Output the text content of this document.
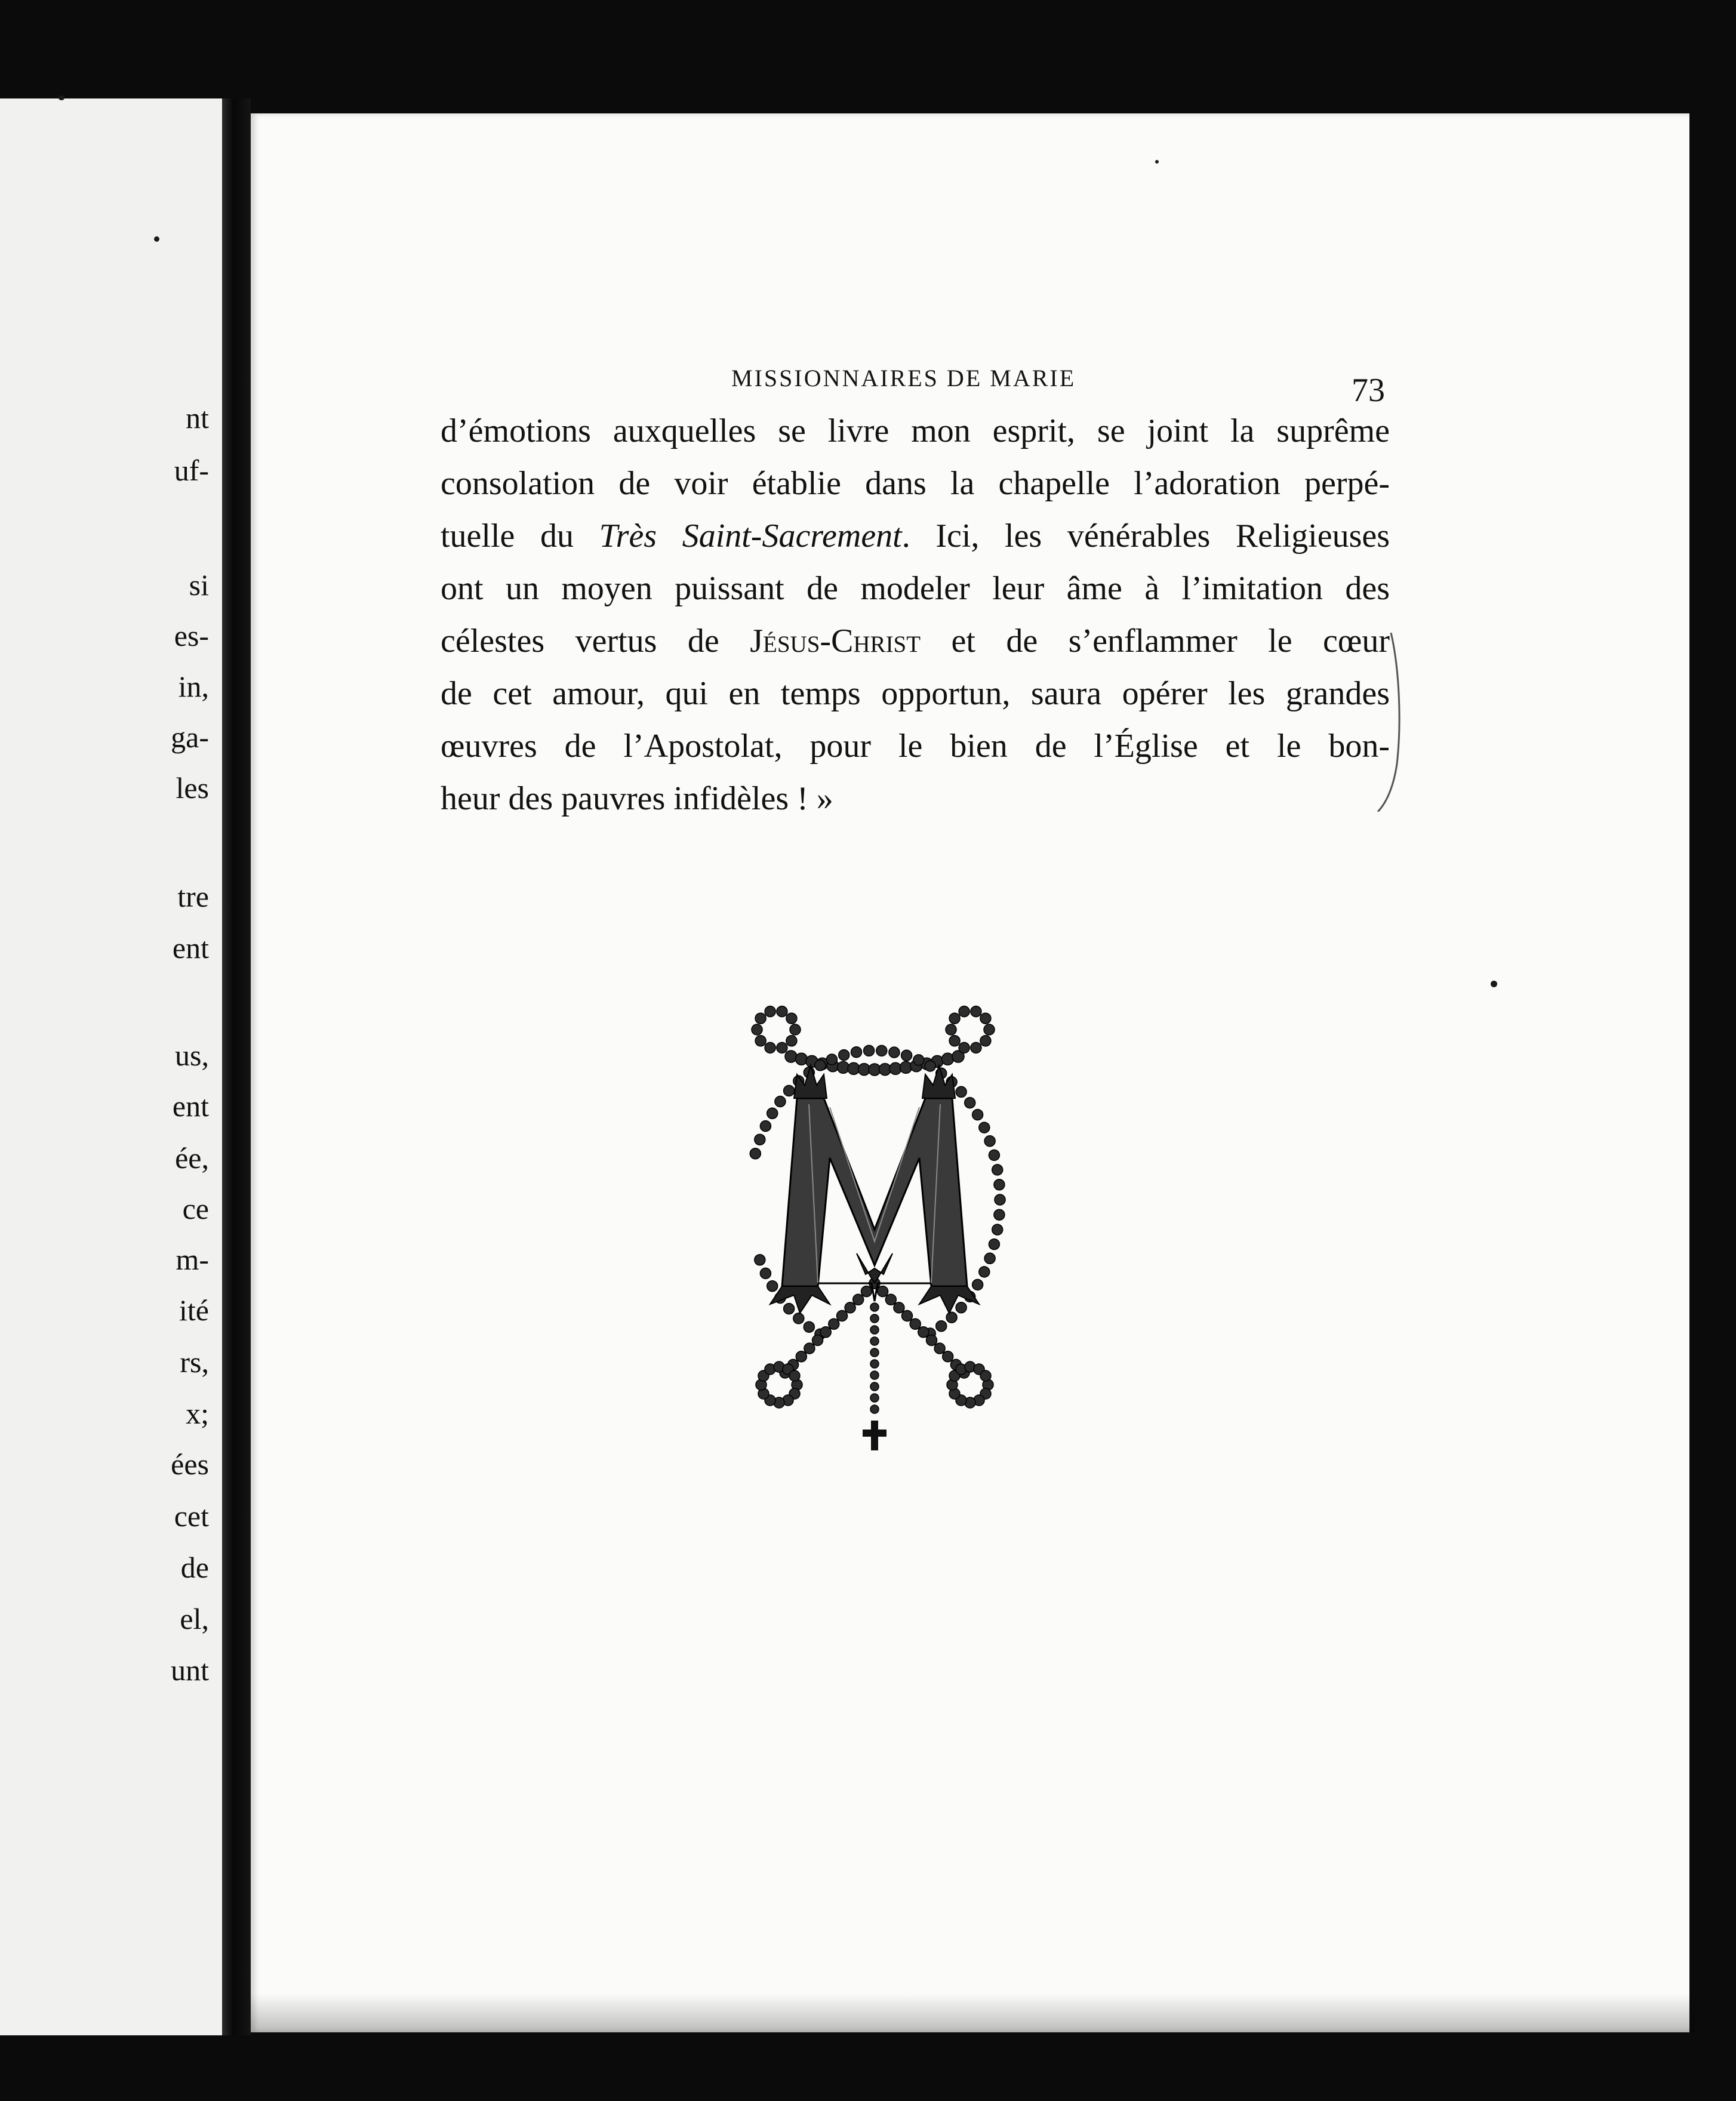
nt
uf-
si
es-
in,
ga-
les
tre
ent
us,
ent
ée,
ce
m-
ité
rs,
x;
ées
cet
de
el,
unt
MISSIONNAIRES DE MARIE	73
d’émotions auxquelles se livre mon esprit, se joint la suprême
consolation de voir établie dans la chapelle l’adoration perpé-
tuelle du Très Saint-Sacrement. Ici, les vénérables Religieuses
ont un moyen puissant de modeler leur âme à l’imitation des
célestes vertus de Jésus-Christ et de s’enflammer le cœur
de cet amour, qui en temps opportun, saura opérer les grandes
œuvres de l’Apostolat, pour le bien de l’Église et le bon-
heur des pauvres infidèles ! »
